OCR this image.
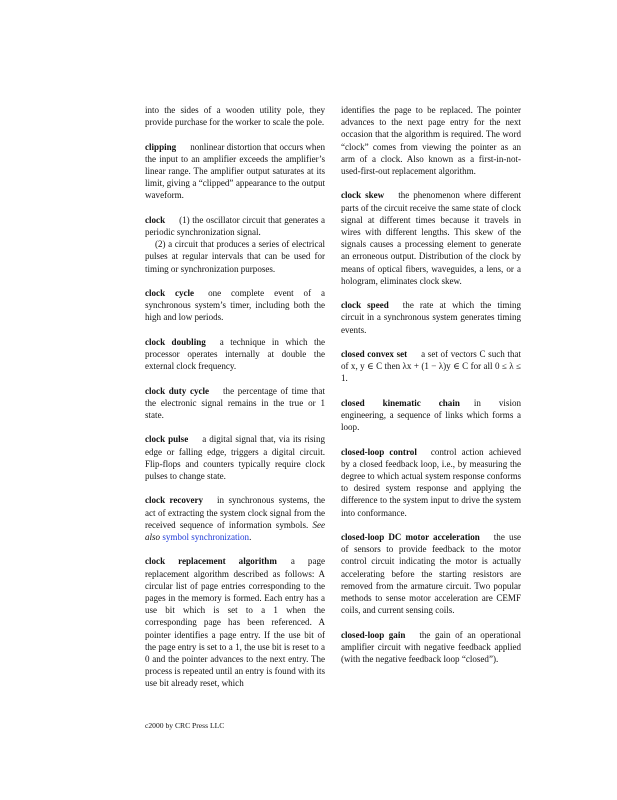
into the sides of a wooden utility pole, they provide purchase for the worker to scale the pole.

clipping nonlinear distortion that occurs when the input to an amplifier exceeds the amplifier’s linear range. The amplifier output saturates at its limit, giving a “clipped” appearance to the output waveform.
clock (1) the oscillator circuit that generates a periodic synchronization signal.

(2) a circuit that produces a series of electrical pulses at regular intervals that can be used for timing or synchronization purposes.

clock cycle one complete event of a synchronous system’s timer, including both the high and low periods.
clock doubling a technique in which the processor operates internally at double the external clock frequency.
clock duty cycle the percentage of time that the electronic signal remains in the true or 1 state.
clock pulse a digital signal that, via its rising edge or falling edge, triggers a digital circuit. Flip-flops and counters typically require clock pulses to change state.
clock recovery in synchronous systems, the act of extracting the system clock signal from the received sequence of information symbols. See also symbol synchronization.
clock replacement algorithm a page replacement algorithm described as follows: A circular list of page entries corresponding to the pages in the memory is formed. Each entry has a use bit which is set to a 1 when the corresponding page has been referenced. A pointer identifies a page entry. If the use bit of the page entry is set to a 1, the use bit is reset to a 0 and the pointer advances to the next entry. The process is repeated until an entry is found with its use bit already reset, which

identifies the page to be replaced. The pointer advances to the next page entry for the next occasion that the algorithm is required. The word “clock” comes from viewing the pointer as an arm of a clock. Also known as a first-in-not-used-first-out replacement algorithm.

clock skew the phenomenon where different parts of the circuit receive the same state of clock signal at different times because it travels in wires with different lengths. This skew of the signals causes a processing element to generate an erroneous output. Distribution of the clock by means of optical fibers, waveguides, a lens, or a hologram, eliminates clock skew.
clock speed the rate at which the timing circuit in a synchronous system generates timing events.
closed convex set a set of vectors C such that of x, y ∈ C then λx + (1 − λ)y ∈ C for all 0 ≤ λ ≤ 1.
closed kinematic chain in vision engineering, a sequence of links which forms a loop.
closed-loop control control action achieved by a closed feedback loop, i.e., by measuring the degree to which actual system response conforms to desired system response and applying the difference to the system input to drive the system into conformance.
closed-loop DC motor acceleration the use of sensors to provide feedback to the motor control circuit indicating the motor is actually accelerating before the starting resistors are removed from the armature circuit. Two popular methods to sense motor acceleration are CEMF coils, and current sensing coils.
closed-loop gain the gain of an operational amplifier circuit with negative feedback applied (with the negative feedback loop “closed”).
c2000 by CRC Press LLC
